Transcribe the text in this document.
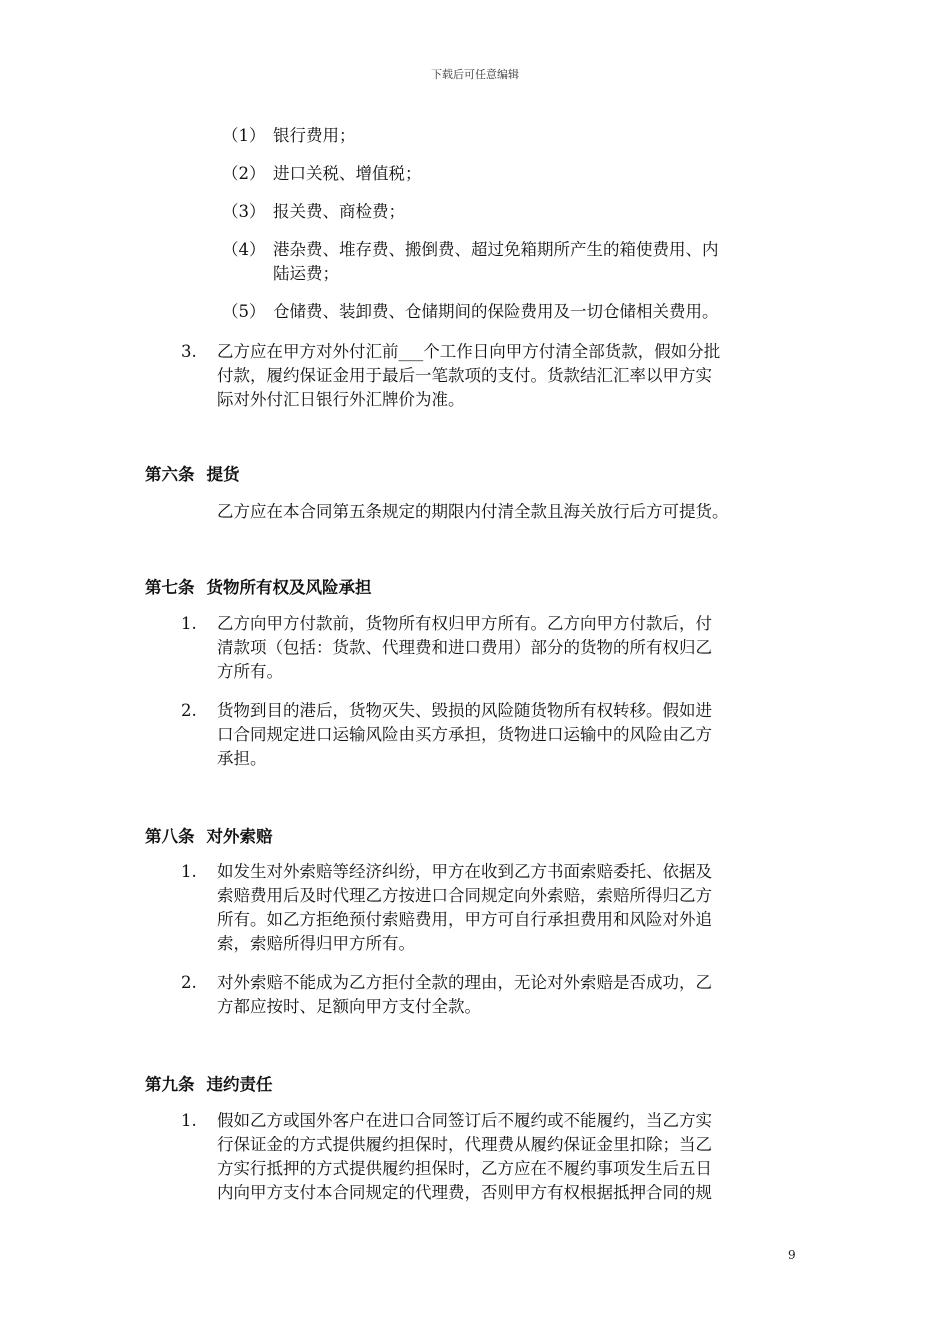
下载后可任意编辑
（1） 银行费用；
（2） 进口关税、增值税；
（3） 报关费、商检费；
（4） 港杂费、堆存费、搬倒费、超过免箱期所产生的箱使费用、内
陆运费；
（5） 仓储费、装卸费、仓储期间的保险费用及一切仓储相关费用。
3. 乙方应在甲方对外付汇前___个工作日向甲方付清全部货款，假如分批
付款，履约保证金用于最后一笔款项的支付。货款结汇汇率以甲方实
际对外付汇日银行外汇牌价为准。
第六条 提货
乙方应在本合同第五条规定的期限内付清全款且海关放行后方可提货。
第七条 货物所有权及风险承担
1. 乙方向甲方付款前，货物所有权归甲方所有。乙方向甲方付款后，付
清款项（包括：货款、代理费和进口费用）部分的货物的所有权归乙
方所有。
2. 货物到目的港后，货物灭失、毁损的风险随货物所有权转移。假如进
口合同规定进口运输风险由买方承担，货物进口运输中的风险由乙方
承担。
第八条 对外索赔
1. 如发生对外索赔等经济纠纷，甲方在收到乙方书面索赔委托、依据及
索赔费用后及时代理乙方按进口合同规定向外索赔，索赔所得归乙方
所有。如乙方拒绝预付索赔费用，甲方可自行承担费用和风险对外追
索，索赔所得归甲方所有。
2. 对外索赔不能成为乙方拒付全款的理由，无论对外索赔是否成功，乙
方都应按时、足额向甲方支付全款。
第九条 违约责任
1. 假如乙方或国外客户在进口合同签订后不履约或不能履约，当乙方实
行保证金的方式提供履约担保时，代理费从履约保证金里扣除；当乙
方实行抵押的方式提供履约担保时，乙方应在不履约事项发生后五日
内向甲方支付本合同规定的代理费，否则甲方有权根据抵押合同的规
9
